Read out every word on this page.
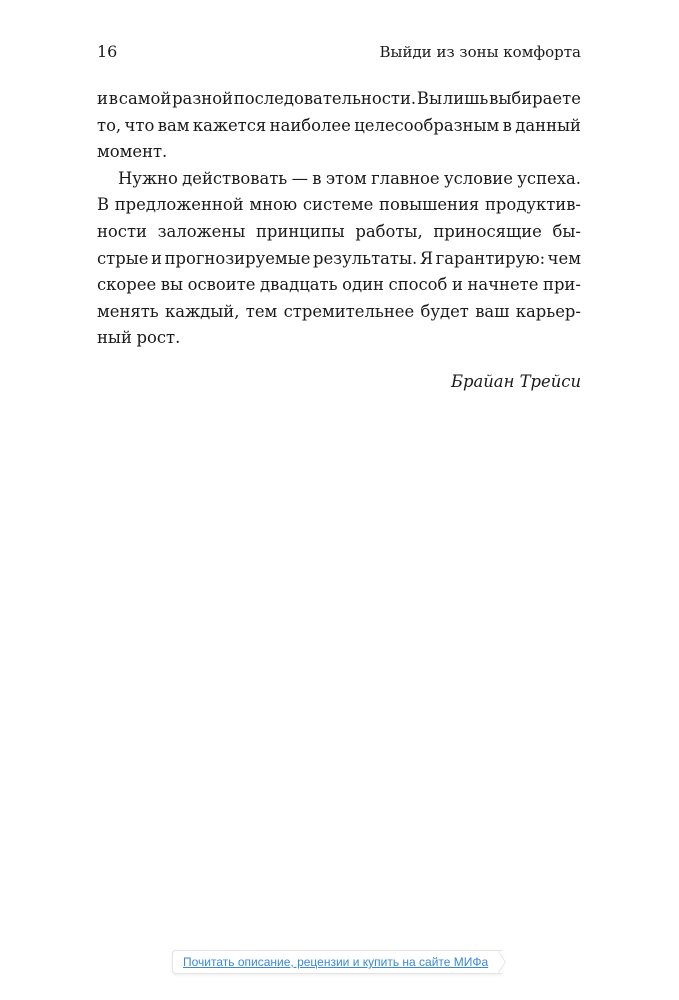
16	Выйди из зоны комфорта
и в самой разной последовательности. Вы лишь выбираете
то, что вам кажется наиболее целесообразным в данный
момент.
Нужно действовать — в этом главное условие успеха.
В предложенной мною системе повышения продуктив-
ности заложены принципы работы, приносящие бы-
стрые и прогнозируемые результаты. Я гарантирую: чем
скорее вы освоите двадцать один способ и начнете при-
менять каждый, тем стремительнее будет ваш карьер-
ный рост.
Брайан Трейси
Почитать описание, рецензии и купить на сайте МИФа
